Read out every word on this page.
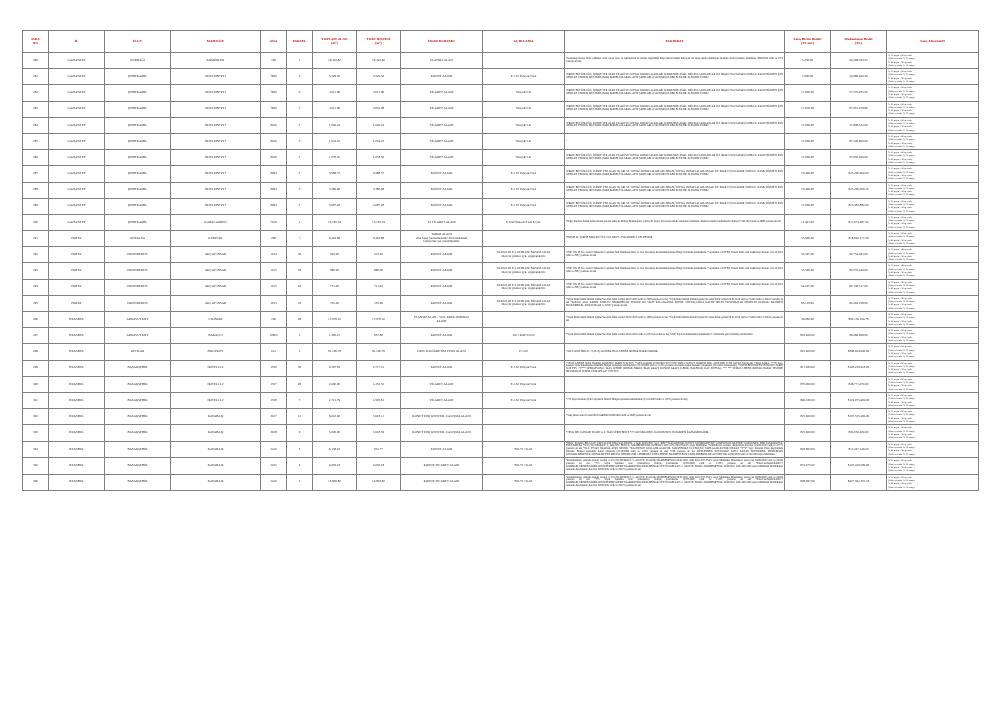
SIRA
NO	İL	İLÇE	MAH/KÖY	ADA	PARSEL	TOPLAM ALAN
(m²)	TOKİ HİSSESİ
(m²)	İMAR DURUMU	AÇIKLAMA	TAKDİRAT	Satış Birim Bedeli
(TL/m2)	Muhammen Bedel
(TL)	Satış Alternatifi
280	GAZİANTEP	NURDAĞI	KÖMÜRLER	169	1	19,322.82	19,322.82	PLANSIZ ALAN		*Gaziantep Kuzey İtiraz edilemez arazi satışı: Arsa ve işletmelerin ve ödeme değerinliği ihtiyaçlarına ilişkin ihtiyaçlar ise satışı işlem tanımlarını bedeline ortak fiyatması tanımlıdır. 3826/2022 tarih ve 1371 yazısına ait eki	3,236.00	64,568,183.52	% 25 peşin - 60 ay vade
(Vade en fazla % 25 artışı)
% 40 peşin - 36 ay vade
(Vade en fazla % 15 artışı)
281	GAZİANTEP	ŞEHİTKAMİL	BOYLUBEYTİ	7840	5	3,526.56	3,526.56	KONUT ALANI	E:1.55 Yençok:5 kat	*PROJE BÜTÜNLÜĞÜ, İÇİNDE YER ALAN TİCARİ VE SOSYAL DONATI ALANLARI İÇİNDE/NDE AMAÇ DIŞI KULLANILANLAR İLE İMAR UYGULAMASI SONUCU KAMU HİZMETİ İÇİN AYRILAN YERLER, MÜSTAKİL İMAR PARSELİ OLARAK, AYNI ŞARTLARLA SATILMIŞ OLABİLECEKTİR. 02.09.2004 Y:18962	7,000.00	24,989,426.40	% 25 peşin - 60 ay vade
(Vade en fazla % 25 artışı)
% 40 peşin - 36 ay vade
(Vade en fazla % 15 artışı)
282	GAZİANTEP	ŞEHİTKAMİL	BOYLUBEYTİ	7840	6	3,011.98	3,011.98	TİCARET ALANI	Yençok:5 m	*PROJE BÜTÜNLÜĞÜ, İÇİNDE YER ALAN TİCARİ VE SOSYAL DONATI ALANLARI İÇİNDE/NDE AMAÇ DIŞI KULLANILANLAR İLE İMAR UYGULAMASI SONUCU KAMU HİZMETİ İÇİN AYRILAN YERLER, MÜSTAKİL İMAR PARSELİ OLARAK, AYNI ŞARTLARLA SATILMIŞ OLABİLECEKTİR. 02.09.2004 Y:18962	17,000.00	57,276,935.20	% 25 peşin - 60 ay vade
(Vade en fazla % 25 artışı)
% 40 peşin - 36 ay vade
(Vade en fazla % 15 artışı)
283	GAZİANTEP	ŞEHİTKAMİL	BOYLUBEYTİ	7840	7	3,011.98	3,061.98	TİCARET ALANI	Yençok:5 m	*PROJE BÜTÜNLÜĞÜ, İÇİNDE YER ALAN TİCARİ VE SOSYAL DONATI ALANLARI İÇİNDE/NDE AMAÇ DIŞI KULLANILANLAR İLE İMAR UYGULAMASI SONUCU KAMU HİZMETİ İÇİN AYRILAN YERLER, MÜSTAKİL İMAR PARSELİ OLARAK, AYNI ŞARTLARLA SATILMIŞ OLABİLECEKTİR. 02.09.2004 Y:18962	17,678.00	87,091,678.80	% 25 peşin - 60 ay vade
(Vade en fazla % 25 artışı)
% 40 peşin - 36 ay vade
(Vade en fazla % 15 artışı)
284	GAZİANTEP	ŞEHİTKAMİL	BOYLUBEYTİ	8456	2	1,046.43	1,046.43	TİCARET ALANI	Yençok:5 m	*PROJE BÜTÜNLÜĞÜ, İÇİNDE YER ALAN TİCARİ VE SOSYAL DONATI ALANLARI İÇİNDE/NDE AMAÇ DIŞI KULLANILANLAR İLE İMAR UYGULAMASI SONUCU KAMU HİZMETİ İÇİN AYRILAN YERLER, MÜSTAKİL İMAR PARSELİ OLARAK, AYNI ŞARTLARLA SATILMIŞ OLABİLECEKTİR. 02.09.2004 Y:18962	17,000.00	17,808,312.00	% 25 peşin - 60 ay vade
(Vade en fazla % 25 artışı)
% 40 peşin - 36 ay vade
(Vade en fazla % 15 artışı)
285	GAZİANTEP	ŞEHİTKAMİL	BOYLUBEYTİ	8456	3	1,034.25	1,034.25	TİCARET ALANI	Yençok:5 m	-	17,000.00	87,140,890.00	% 25 peşin - 60 ay vade
(Vade en fazla % 25 artışı)
% 40 peşin - 36 ay vade
(Vade en fazla % 15 artışı)
286	GAZİANTEP	ŞEHİTKAMİL	BOYLUBEYTİ	8459	1	1,078.50	1,078.50	TİCARET ALANI	Yençok:5 m	*PROJE BÜTÜNLÜĞÜ, İÇİNDE YER ALAN TİCARİ VE SOSYAL DONATI ALANLARI İÇİNDE/NDE AMAÇ DIŞI KULLANILANLAR İLE İMAR UYGULAMASI SONUCU KAMU HİZMETİ İÇİN AYRILAN YERLER, MÜSTAKİL İMAR PARSELİ OLARAK, AYNI ŞARTLARLA SATILMIŞ OLABİLECEKTİR. 02.09.2004 Y:18962	17,000.00	97,656,266.00	% 25 peşin - 60 ay vade
(Vade en fazla % 25 artışı)
% 40 peşin - 36 ay vade
(Vade en fazla % 15 artışı)
287	GAZİANTEP	ŞEHİTKAMİL	BOYLUBEYTİ	8993	2	3,988.75	3,988.75	KONUT ALANI	E:1.55 Yençok:5 kat	*PROJE BÜTÜNLÜĞÜ, İÇİNDE YER ALAN TİCARİ VE SOSYAL DONATI ALANLARI 2000-29, SOSYAL DONATI ALANLANLAR İLE İMAR UYGULANDIR SONUCU, KAMU HİZMETİ İÇİN AYRILAN YERLER, MÜSTAKİL İMAR PARSELİ OLARAK, AYNI ŞARTLARLA SATILMIŞ OLABİLECEKTİR. 02.09.2004 Y:18962	16,490.00	823,290,662.00	% 25 peşin - 60 ay vade
(Vade en fazla % 25 artışı)
% 40 peşin - 36 ay vade
(Vade en fazla % 15 artışı)
288	GAZİANTEP	ŞEHİTKAMİL	BOYLUBEYTİ	8993	3	3,380.68	3,380.68	KONUT ALANI	E:1.55 Yençok:5 kat	*PROJE BÜTÜNLÜĞÜ, İÇİNDE YER ALAN TİCARİ VE SOSYAL DONATI ALANLARI 2000-29, SOSYAL DONATI ALANLANLAR İLE İMAR UYGULANDIR SONUCU, KAMU HİZMETİ İÇİN AYRILAN YERLER, MÜSTAKİL İMAR PARSELİ OLARAK, AYNI ŞARTLARLA SATILMIŞ OLABİLECEKTİR. 02.09.2004 Y:18962	16,490.00	823,299,390.10	% 25 peşin - 60 ay vade
(Vade en fazla % 25 artışı)
% 40 peşin - 36 ay vade
(Vade en fazla % 15 artışı)
289	GAZİANTEP	ŞEHİTKAMİL	BOYLUBEYTİ	8993	2	3,687.28	3,687.28	KONUT ALANI	E:1.55 Yençok:5 kat	*PROJE BÜTÜNLÜĞÜ, İÇİNDE YER ALAN TİCARİ VE SOSYAL DONATI ALANLARI 2000-29, SOSYAL DONATI ALANLANLAR İLE İMAR UYGULANDIR SONUCU, KAMU HİZMETİ İÇİN AYRILAN YERLER, MÜSTAKİL İMAR PARSELİ OLARAK, AYNI ŞARTLARLA SATILMIŞ OLABİLECEKTİR. 02.09.2004 Y:18962	17,000.00	823,483,892.90	% 25 peşin - 60 ay vade
(Vade en fazla % 25 artışı)
% 40 peşin - 36 ay vade
(Vade en fazla % 15 artışı)
290	GAZİANTEP	ŞEHİTKAMİL	KARACAÖREN	7916	1	15,195.54	15,195.54	T2 TİCARET ALANI	E:0.90 Yençok:5 kat 8.5 m.	*Diğer Karması Kamu Azmet kirma içerden şehre ile Maliye Bakanlığınca yapılış dir paçlar için satışa tabidir esasterine tanımlıdır. İmarları tanımlı satılmaktadır dimleri 17.08.2023 tarih ve 4988 yazısına ait eki	11,401.00	817,674,087.34	% 25 peşin - 60 ay vade
(Vade en fazla % 25 artışı)
% 40 peşin - 36 ay vade
(Vade en fazla % 15 artışı)
291	HATAY	ANTAKYA	KÜRECİK	208	7	9,402.88	9,402.88	TARIM ALANI
Ana Satış Şartnamesinde 29 maddesinin
faaliyetine yer önerilmelidir.		*BİTME AL STREİF HAKI:991 YÜL:5123 2002*1=3Y:KADİRECİ: UB: DESTMİ	53,000.00	818,862,177.28	% 25 peşin - 60 ay vade
(Vade en fazla % 25 artışı)
% 40 peşin - 36 ay vade
(Vade en fazla % 15 artışı)
292	HATAY	İSKENDERUN	AKÇAY İNSAR	1014	36	825.00	615.00	KONUT ALANI	TAKS:0.40 E:1.60 BLOK NİZAM 4 KAT
Mevcut planlar ayk. uygulanabilir.	*2367 DK 28 No, Gençli Yüksecim Caçımma Mal Edinmesecinler ve Son Alvanlaşa Kredisimmesaelder Bölge İşçimizde Kalınaklıdır. *Açıklama, LÜTFEN Yazıda dahil olan Aşıkkaraşı Kuruna (C#:12/2021 tarih ve 2907) yazısına ait eki	54,307.00	82,754,945.00	% 25 peşin - 48 ay vade
(Vade en fazla % 25 artışı)
% 40 peşin - 36 ay vade
(Vade en fazla % 15 artışı)
293	HATAY	İSKENDERUN	AKÇAY İNSAR	1015	33	880.00	880.00	KONUT ALANI	TAKS:0.40 E:1.60 BLOK NİZAM 4 KAT
Mevcut planlar ayk. uygulanabilir.	*2367 DK 28 No, Gençli Yüksecim Caçımma Mal Edinmesecinler ve Son Alvanlaşa Kredisimmesaelder Bölge İşçimizde Kalınaklıdır. *Açıklama, LÜTFEN Yazıda dahil olan Aşıkkaraşı Kuruna (C#:12/2021 tarih ve 2907) yazısına ait eki	53,306.00	82,276,426.00	% 25 peşin - 48 ay vade
(Vade en fazla % 25 artışı)
% 40 peşin - 36 ay vade
(Vade en fazla % 15 artışı)
294	HATAY	İSKENDERUN	AKÇAY İNSAR	1015	42	731.00	711.00	KONUT ALANI	TAKS:0.40 E:1.60 BLOK NİZAM 4 KAT
Mevcut planlar ayk. uygulanabilir.	*2367 DK 28 No, Gençli Yüksecim Caçımma Mal Edinmesecinler ve Son Alvanlaşa Kredisimmesaelder Bölge İşçimizde Kalınaklıdır. *Açıklama, LÜTFEN Yazıda dahil olan Aşıkkaraşı Kuruna (C#:12/2021 tarih ve 2907) yazısına ait eki	54,207.00	82,158,317.00	% 25 peşin - 48 ay vade
(Vade en fazla % 25 artışı)
% 40 peşin - 36 ay vade
(Vade en fazla % 15 artışı)
295	HATAY	İSKENDERUN	AKÇAY İNSAR	1015	43	555.00	555.00	KONUT ALANI	TAKS:0.40 E:1.60 BLOK NİZAM 4 KAT
Mevcut planlar ayk. uygulanabilir.	*Tayin Kimi itmimi İmdeni İçişme/Ver Alan İtalik verileri 06.01.2016 tarih ve 1998 protokol no ile) *Tayin Kimi itmimi İmdeni İçişme/Ver Alan İtalik verileri 06.01.2016 tarih ve 31440 tarih ve 32442 yazısına ait eki *Kalbasın Anısı: KABRİ: SOMUTU HEMIATBİLAK YERLER İLE SALFİ KALANLARDA İŞLEMİ: SİTEYAÇLARLA KALTİP DELİSİ YAZILMAZLAR MÜDELİSİ OLARAK: BAZİMETİ EKSİLERBİLİR, 10/04/2018 tarih ve 32507 yazısına ait eki	85,118.00	82,292,198.00	% 25 peşin - 48 ay vade
(Vade en fazla % 25 artışı)
% 40 peşin - 36 ay vade
(Vade en fazla % 15 artışı)
296	İSTANBUL	ARNAVUTKÖY	CİLİNGİR	106	28	17,978.10	17,978.10	PLANSIZ ALAN - YOL-PARK-OMERAS
ALANI		*Tayin Kimi itmimi İmdeni İçişme/Ver Alan İtalik verileri 06.01.2016 tarih ve 1998 protokol no ile) *Tayin Kimi itmimi İmdeni İçişme/Ver Alan İtalik verileri 06.01.2016 tarih ve 31440 tarih ve 32442 yazısına ait eki	39,082.00	882,136,194.78	% 25 peşin - 60 ay vade
(Vade en fazla % 25 artışı)
% 40 peşin - 36 ay vade
(Vade en fazla % 15 artışı)
297	İSTANBUL	ARNAVUTKÖY	BARAÇCI	10603	5	1,382.47	857.80	KONUT ALANI	TA:1 KAT:5/0.25	*Tayin Kimi itmimi İmdeni İçişme/Ver Alan İtalik verileri 06.01.2016 tarih ve 21555 protokol no ile) *2947 Sayılı Kanunlaşması Kanununun 7. maddesine göre belirtmiş olabilecektir	818,620.00	86,986,098.00	% 25 peşin - 60 ay vade
(Vade en fazla % 25 artışı)
% 40 peşin - 36 ay vade
(Vade en fazla % 15 artışı)
298	İSTANBUL	AVCILAR	FİRUZKÖY	612	5	81,196.78	81,196.78	ÖZEL İLKÖĞRETİM TESİS ALANI	E:1.00	*AİT-İ GÜNTÜRK 01, 75,28 'dÇ ALANBA İTİAS LEHİNE İRTİFAK HAKKI VARDIR.	825,600.00	8268,024,000.00	% 25 peşin - 60 ay vade
(Vade en fazla % 25 artışı)
% 40 peşin - 36 ay vade
(Vade en fazla % 15 artışı)
299	İSTANBUL	BAŞAKŞEHİR	İKİTELLİ-2	1359	50	9,187.85	2,717.15	KONUT ALANI	E:1.50 Yençok:5 kat	*TESLİ LEHİNE SUFA HAKKI) 02/08/2016 TARİH 3156 YEV. *SUFA KARAR 07/06/2016 YÜV:3138 TOPLU KONUT İDARESİ BŞK. 22/03/2006 17336 SAYILI YAZILAR. *TAVLAŞMA, *7735 Sayı: Kastara Sarık Kanalnamda Dilemmi Bölgen işertemde kabulandadır (25/10/2009 tarih ve 11355 yazısına ait ekinde başlık Kanunu Çalışmaları 93.4 üzeri bulunandan). *SİTEM BELEDİYESİ 05/09/2016 TARİH 3120 YEV. *Y*** OPERASYONU: TAAS LEHİNE IRTIFAK HAKKI: İRAK ARAZİ: KONUM ARAZİ: İÇERİK: BAZ/BLOK KAT: SİTEYAÇ: *** *** TEMAS LEHİNE IRTİFAK HAKKI TESİNDE MEVAFAKAT TEMSİLCİSİ#:G02/G47 7785 YEV.	817,280.00	8128,238,418.00	% 25 peşin - 60 ay vade
(Vade en fazla % 25 artışı)
% 40 peşin - 36 ay vade
(Vade en fazla % 15 artışı)
300	İSTANBUL	BAŞAKŞEHİR	İKİTELLİ-2	1357	28	2,600.00	1,255.55	TİCARET ALANI	E:1.50 Yençok:5 kat		870,000.00	848,771,070.00	% 25 peşin - 60 ay vade
(Vade en fazla % 25 artışı)
% 40 peşin - 36 ay vade
(Vade en fazla % 15 artışı)
301	İSTANBUL	BAŞAKŞEHİR	İKİTELLİ-2	1358	7	2,721.79	1,995.81	TİCARET ALANI	E:1.50 Yençok:5 kat	*775 Sayılı Kanunu (Ulu Clayılarıdı Ödeviz Bölgesi işertenle kalmaklanda (15.10.2009 tarih ve 11355 yazısına ait eki)	860,180.00	8119,973,469.00	% 25 peşin - 60 ay vade
(Vade en fazla % 25 artışı)
% 40 peşin - 36 ay vade
(Vade en fazla % 15 artışı)
302	İSTANBUL	BAŞAKŞEHİR	KAYABAŞI	3917	12	8,610.60	5,918.11	KONUT DIŞI KENTSEL ÇALIŞMA ALANI		*Satış Imaar sınırı Ücudar BULVARBİRİ 03/09/2020 tarih ve 4628 yazısına ait eki	825,600.00	8107,535,296.00	% 25 peşin - 60 ay vade
(Vade en fazla % 25 artışı)
% 40 peşin - 36 ay vade
(Vade en fazla % 15 artışı)
303	İSTANBUL	BAŞAKŞEHİR	KAYABAŞI	3918	9	5,000.00	3,918.39	KONUT DIŞI KENTSEL ÇALIŞMA ALANI		*TESLİ MB 1 GİNGOP TR ATİT A.V. TAAS SÜREÇBİNCE 775 S.KECİRLONDU, KANUNUNUN 33 MADDESİ KAPSAMINDADIR.	825,600.00	892,950,400.00	% 25 peşin - 60 ay vade
(Vade en fazla % 25 artışı)
% 40 peşin - 36 ay vade
(Vade en fazla % 15 artışı)
304	İSTANBUL	BAŞAKŞEHİR	KAYABAŞI	2216	3	6,138.91	851.77	KONUT ALANI	B:0.75 7 KAT	*Bilgir: Kurumu: BİLGİ AY: YAPI ALANI NISA KALKIŞTIR, 1 Tarih 06/05/2021 Sayı: 4089 *TAAS,KREDAL KONUT KOOPRASITURU: GİMELERİ İLGİLENDE: GÖRÜLMEZ. HER TASARRUTTA: BULUNMUSA *N:TÇ:NÇ:DEMOCÜ 1, ARLIVE: BUKÇA: MAMBEMEN'nin 19/08/2021 tarih 21511394 ESAAS sayılı Müdürüne. *Gümüllevizi turumu: dergusunda direciler (19/06/2120 tarih ve 27771 yazısına ait eki *91-T. Y:YAPI OLARAK AYRI: MISTIR: *KALİSENCE KULLANILACAKTIR. TARAFINDAN ÜÇÜNLÜNÜ YAPILACAK:KUTOR:T-H:KAT: *T*T* Sayı: Kurumu Eden kaynlanlade Öderme: Bölgesi işertemde kabul olunanda (25/10/2009 tarih ve 11355 yazısına ait eki) *Z28 yazısına ait 'na: DÜZLENMEK KESTLERLE SAVLI KANAN EKETİRMEK, MEMURDAN KULMAR:MEKENYA: MİTMA:MEYEN MECELLİ BEDELLERİ 1:2HIBİ:DE:TÜ:DE:LEHİNE: BAZİMETİ EKSİ:LERİL:PAEBİRİL:DE:ALT:MIŞ:TIR, 22/06/2018 tarih ve 2321390 sayılı Müdürüne.	825,965.00	812,247,149.20	% 25 peşin - 60 ay vade
(Vade en fazla % 25 artışı)
% 40 peşin - 36 ay vade
(Vade en fazla % 15 artışı)
305	İSTANBUL	BAŞAKŞEHİR	KAYABAŞI	2225	6	4,650.18	4,650.18	KONUT-TİCARET ALANI	B:0.75 7 KAT	*Kentimizinize yalkızda kurulu verileri 1:4:TÇ:NÇ:DEMOCÜ 5, AZLİVE: ECAĞIK MAMBEMEN'nin 09/01/2021 tarih 2021-378 ESAS sayılı Müdürüne Müzelikleri yazısı (ait 09/09/2020 tarih ve 04934 yazısına ait eki *775 Sayılı Kurumu Göz Güzelenleşi Ödeviz İçerimesine 07/05/2020 tarih ve 11355 yazısına ait eki *KALI:ALMAR:KANU:7 KADIRLIK:TİRMEK:GİREK:LEKİ:DİEMEKS:DERE:TAAMIRI:ETİK:SİRİ:LEHİNAK:TÜZTÜ:SABİ:KAT: 1: AKLİVE: BLOK: MAMBEMEN'nin 10/06/2021 tarih 2021-990 sayılı Müdürüne Müdürünleşi uzunanlı direciminde direciler. 09/09/2022 tarih ve 29272 yazısına ait eki	831,275.00	8145,420,500.60	% 25 peşin - 60 ay vade
(Vade en fazla % 25 artışı)
% 40 peşin - 36 ay vade
(Vade en fazla % 15 artışı)
306	İSTANBUL	BAŞAKŞEHİR	KAYABAŞI	2226	2	15,806.82	15,804.82	KONUT-TİCARET ALANI	B:0.75 7 KAT	*Kentimizinize yalkızda kurulu verileri 1:4:TÇ:NÇ:DEMOCÜ 5, AZLİVE: ECAĞIK MAMBEMEN'nin 09/01/2021 tarih 2021-378 ESAS sayılı Müdürüne Müzelikleri yazısı (ait 09/09/2020 tarih ve 04934 yazısına ait eki *775 Sayılı Kurumu Göz Güzelenleşi Ödeviz İçerimesine 07/05/2020 tarih ve 11355 yazısına ait eki *KALI:ALMAR:KANU:7 KADIRLIK:TİRMEK:GİREK:LEKİ:DİEMEKS:DERE:TAAMIRI:ETİK:SİRİ:LEHİNAK:TÜZTÜ:SABİ:KAT: 1: AKLİVE: BLOK: MAMBEMEN'nin 10/06/2021 tarih 2021-990 sayılı Müdürüne Müdürünleşi uzunanlı direciminde direciler. 09/09/2022 tarih ve 29272 yazısına ait eki	828,497.00	8427,592,355.54	% 25 peşin - 60 ay vade
(Vade en fazla % 25 artışı)
% 40 peşin - 36 ay vade
(Vade en fazla % 15 artışı)
